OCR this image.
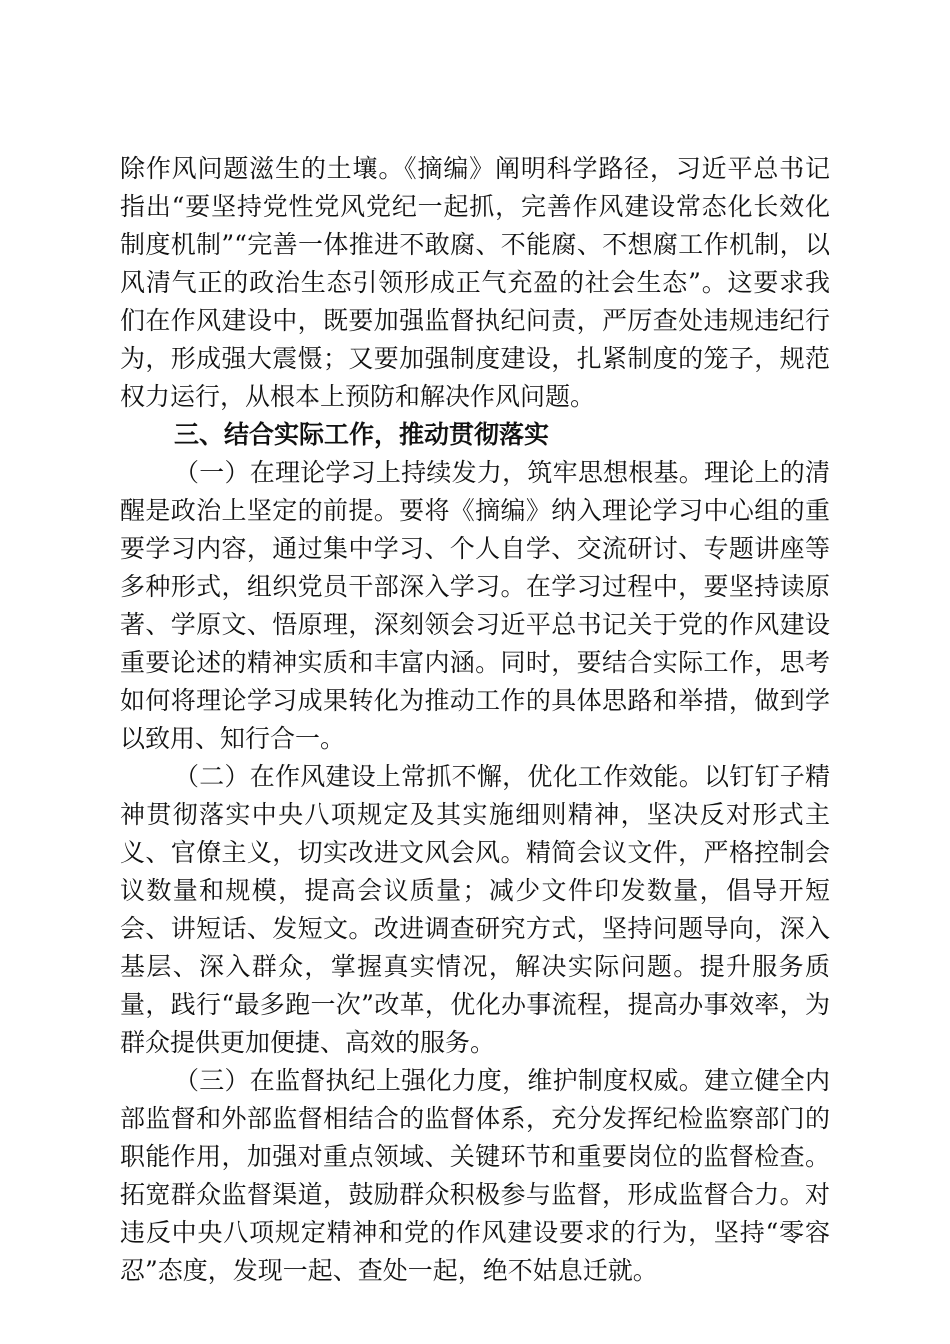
除作风问题滋生的土壤。《摘编》阐明科学路径，习近平总书记指出“要坚持党性党风党纪一起抓，完善作风建设常态化长效化制度机制”“完善一体推进不敢腐、不能腐、不想腐工作机制，以风清气正的政治生态引领形成正气充盈的社会生态”。这要求我们在作风建设中，既要加强监督执纪问责，严厉查处违规违纪行为，形成强大震慑；又要加强制度建设，扎紧制度的笼子，规范权力运行，从根本上预防和解决作风问题。

三、结合实际工作，推动贯彻落实

（一）在理论学习上持续发力，筑牢思想根基。理论上的清醒是政治上坚定的前提。要将《摘编》纳入理论学习中心组的重要学习内容，通过集中学习、个人自学、交流研讨、专题讲座等多种形式，组织党员干部深入学习。在学习过程中，要坚持读原著、学原文、悟原理，深刻领会习近平总书记关于党的作风建设重要论述的精神实质和丰富内涵。同时，要结合实际工作，思考如何将理论学习成果转化为推动工作的具体思路和举措，做到学以致用、知行合一。

（二）在作风建设上常抓不懈，优化工作效能。以钉钉子精神贯彻落实中央八项规定及其实施细则精神，坚决反对形式主义、官僚主义，切实改进文风会风。精简会议文件，严格控制会议数量和规模，提高会议质量；减少文件印发数量，倡导开短会、讲短话、发短文。改进调查研究方式，坚持问题导向，深入基层、深入群众，掌握真实情况，解决实际问题。提升服务质量，践行“最多跑一次”改革，优化办事流程，提高办事效率，为群众提供更加便捷、高效的服务。

（三）在监督执纪上强化力度，维护制度权威。建立健全内部监督和外部监督相结合的监督体系，充分发挥纪检监察部门的职能作用，加强对重点领域、关键环节和重要岗位的监督检查。拓宽群众监督渠道，鼓励群众积极参与监督，形成监督合力。对违反中央八项规定精神和党的作风建设要求的行为，坚持“零容忍”态度，发现一起、查处一起，绝不姑息迁就。
